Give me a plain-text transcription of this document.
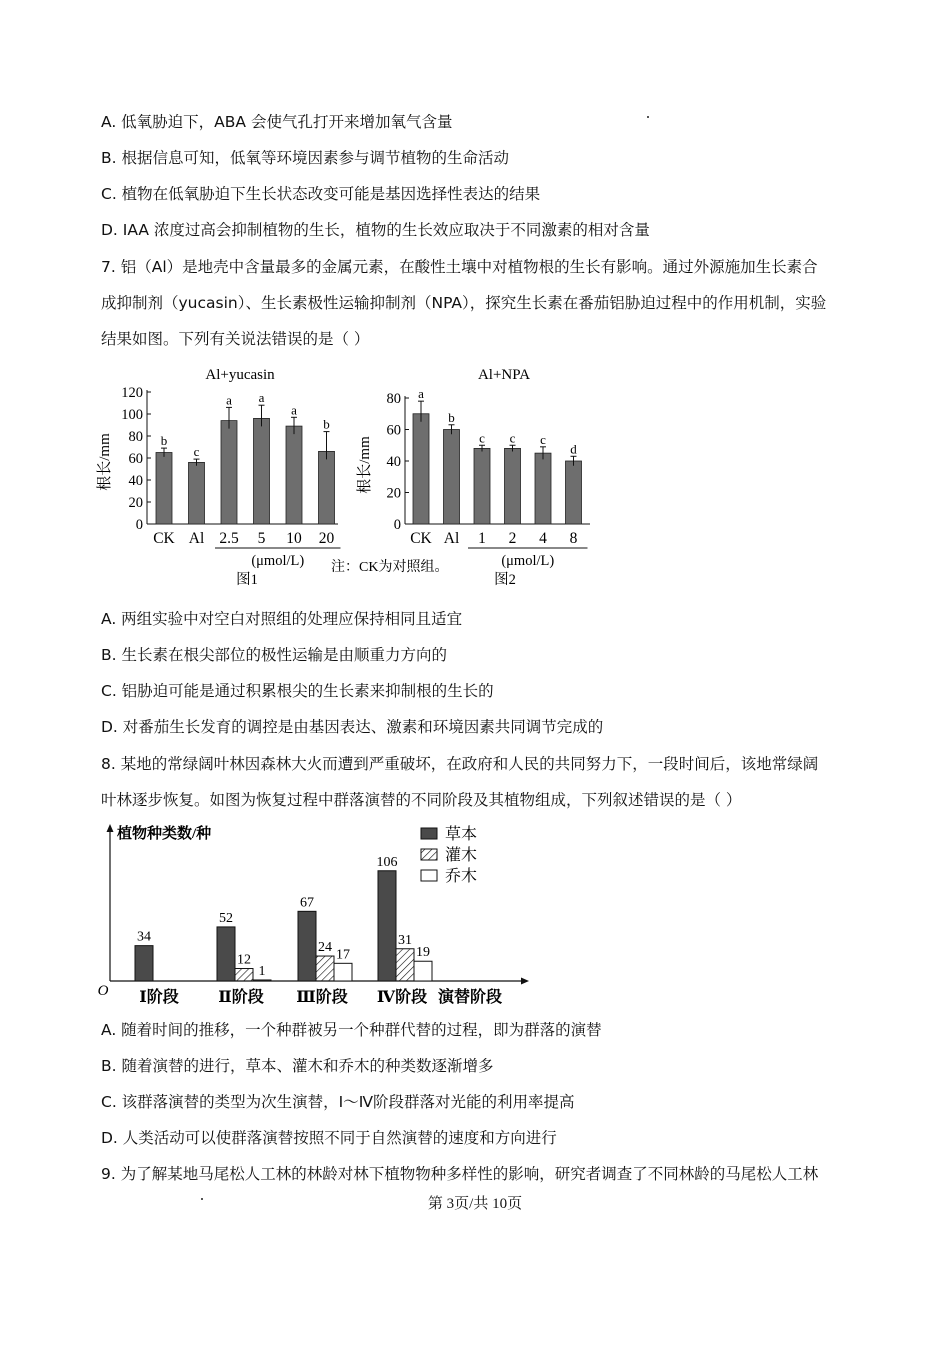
A. 低氧胁迫下，ABA 会使气孔打开来增加氧气含量
B. 根据信息可知，低氧等环境因素参与调节植物的生命活动
C. 植物在低氧胁迫下生长状态改变可能是基因选择性表达的结果
D. IAA 浓度过高会抑制植物的生长，植物的生长效应取决于不同激素的相对含量
7. 铝（Al）是地壳中含量最多的金属元素，在酸性土壤中对植物根的生长有影响。通过外源施加生长素合
成抑制剂（yucasin）、生长素极性运输抑制剂（NPA），探究生长素在番茄铝胁迫过程中的作用机制，实验
结果如图。下列有关说法错误的是（ ）
Al+yucasin
根长/mm
0
20
40
60
80
100
120
b
CK
c
Al
a
2.5
a
5
a
10
b
20
(μmol/L)
图1
Al+NPA
根长/mm
0
20
40
60
80 a
CK
b
Al
c
1
c
2
c
4
d
8
(μmol/L)
图2
注：CK为对照组。
A. 两组实验中对空白对照组的处理应保持相同且适宜
B. 生长素在根尖部位的极性运输是由顺重力方向的
C. 铝胁迫可能是通过积累根尖的生长素来抑制根的生长的
D. 对番茄生长发育的调控是由基因表达、激素和环境因素共同调节完成的
8. 某地的常绿阔叶林因森林大火而遭到严重破坏，在政府和人民的共同努力下，一段时间后，该地常绿阔
叶林逐步恢复。如图为恢复过程中群落演替的不同阶段及其植物组成，下列叙述错误的是（ ）
植物种类数/种
O	演替阶段
草本
灌木
乔木
34
Ⅰ阶段
52
12
1
Ⅱ阶段
67
24 17
Ⅲ阶段
106
31
19
Ⅳ阶段
A. 随着时间的推移，一个种群被另一个种群代替的过程，即为群落的演替
B. 随着演替的进行，草本、灌木和乔木的种类数逐渐增多
C. 该群落演替的类型为次生演替，Ⅰ～Ⅳ阶段群落对光能的利用率提高
D. 人类活动可以使群落演替按照不同于自然演替的速度和方向进行
9. 为了解某地马尾松人工林的林龄对林下植物物种多样性的影响，研究者调查了不同林龄的马尾松人工林
第 3页/共 10页
